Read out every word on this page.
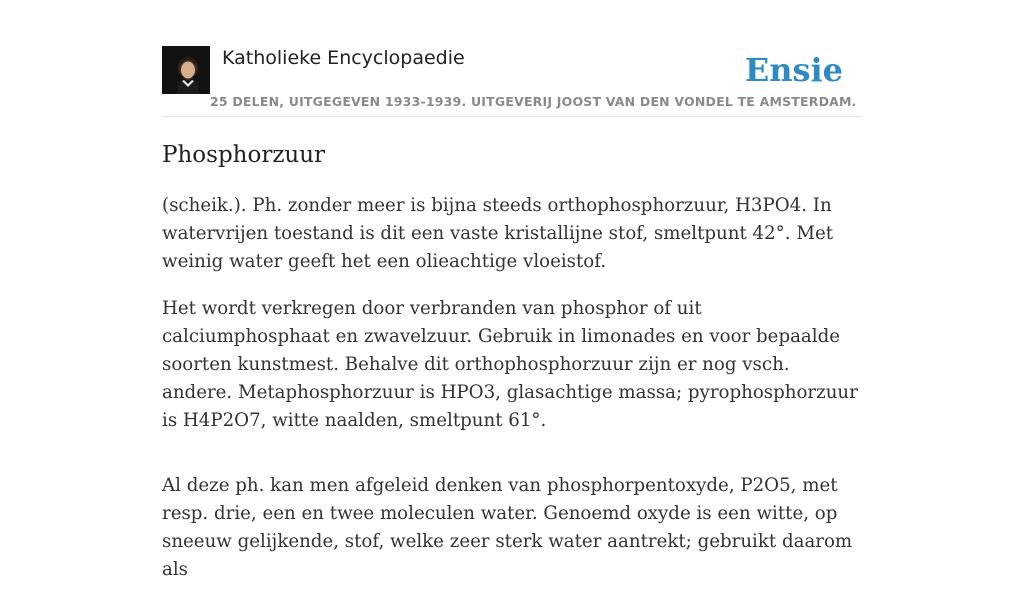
Katholieke Encyclopaedie
25 DELEN, UITGEGEVEN 1933-1939. UITGEVERIJ JOOST VAN DEN VONDEL TE AMSTERDAM.
Ensie
Phosphorzuur

(scheik.). Ph. zonder meer is bijna steeds orthophosphorzuur, H3PO4. In watervrijen toestand is dit een vaste kristallijne stof, smeltpunt 42°. Met weinig water geeft het een olieachtige vloeistof.

Het wordt verkregen door verbranden van phosphor of uit calciumphosphaat en zwavelzuur. Gebruik in limonades en voor bepaalde soorten kunstmest. Behalve dit orthophosphorzuur zijn er nog vsch. andere. Metaphosphorzuur is HPO3, glasachtige massa; pyrophosphorzuur is H4P2O7, witte naalden, smeltpunt 61°.

Al deze ph. kan men afgeleid denken van phosphorpentoxyde, P2O5, met resp. drie, een en twee moleculen water. Genoemd oxyde is een witte, op sneeuw gelijkende, stof, welke zeer sterk water aantrekt; gebruikt daarom als
